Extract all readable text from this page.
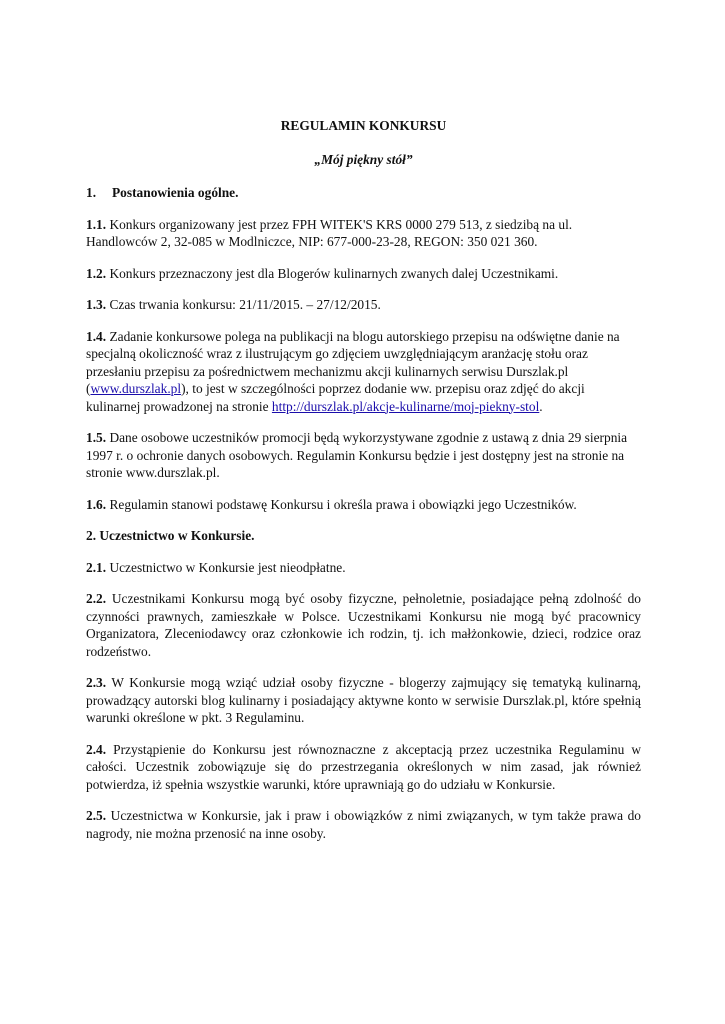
REGULAMIN KONKURSU
„Mój piękny stół”
1. Postanowienia ogólne.

1.1. Konkurs organizowany jest przez FPH WITEK'S KRS 0000 279 513, z siedzibą na ul. Handlowców 2, 32-085 w Modlniczce, NIP: 677-000-23-28, REGON: 350 021 360.

1.2. Konkurs przeznaczony jest dla Blogerów kulinarnych zwanych dalej Uczestnikami.

1.3. Czas trwania konkursu: 21/11/2015. – 27/12/2015.

1.4. Zadanie konkursowe polega na publikacji na blogu autorskiego przepisu na odświętne danie na specjalną okoliczność wraz z ilustrującym go zdjęciem uwzględniającym aranżację stołu oraz przesłaniu przepisu za pośrednictwem mechanizmu akcji kulinarnych serwisu Durszlak.pl (www.durszlak.pl), to jest w szczególności poprzez dodanie ww. przepisu oraz zdjęć do akcji kulinarnej prowadzonej na stronie http://durszlak.pl/akcje-kulinarne/moj-piekny-stol.

1.5. Dane osobowe uczestników promocji będą wykorzystywane zgodnie z ustawą z dnia 29 sierpnia 1997 r. o ochronie danych osobowych. Regulamin Konkursu będzie i jest dostępny jest na stronie na stronie www.durszlak.pl.

1.6. Regulamin stanowi podstawę Konkursu i określa prawa i obowiązki jego Uczestników.

2. Uczestnictwo w Konkursie.

2.1. Uczestnictwo w Konkursie jest nieodpłatne.

2.2. Uczestnikami Konkursu mogą być osoby fizyczne, pełnoletnie, posiadające pełną zdolność do czynności prawnych, zamieszkałe w Polsce. Uczestnikami Konkursu nie mogą być pracownicy Organizatora, Zleceniodawcy oraz członkowie ich rodzin, tj. ich małżonkowie, dzieci, rodzice oraz rodzeństwo.

2.3. W Konkursie mogą wziąć udział osoby fizyczne - blogerzy zajmujący się tematyką kulinarną, prowadzący autorski blog kulinarny i posiadający aktywne konto w serwisie Durszlak.pl, które spełnią warunki określone w pkt. 3 Regulaminu.

2.4. Przystąpienie do Konkursu jest równoznaczne z akceptacją przez uczestnika Regulaminu w całości. Uczestnik zobowiązuje się do przestrzegania określonych w nim zasad, jak również potwierdza, iż spełnia wszystkie warunki, które uprawniają go do udziału w Konkursie.

2.5. Uczestnictwa w Konkursie, jak i praw i obowiązków z nimi związanych, w tym także prawa do nagrody, nie można przenosić na inne osoby.
